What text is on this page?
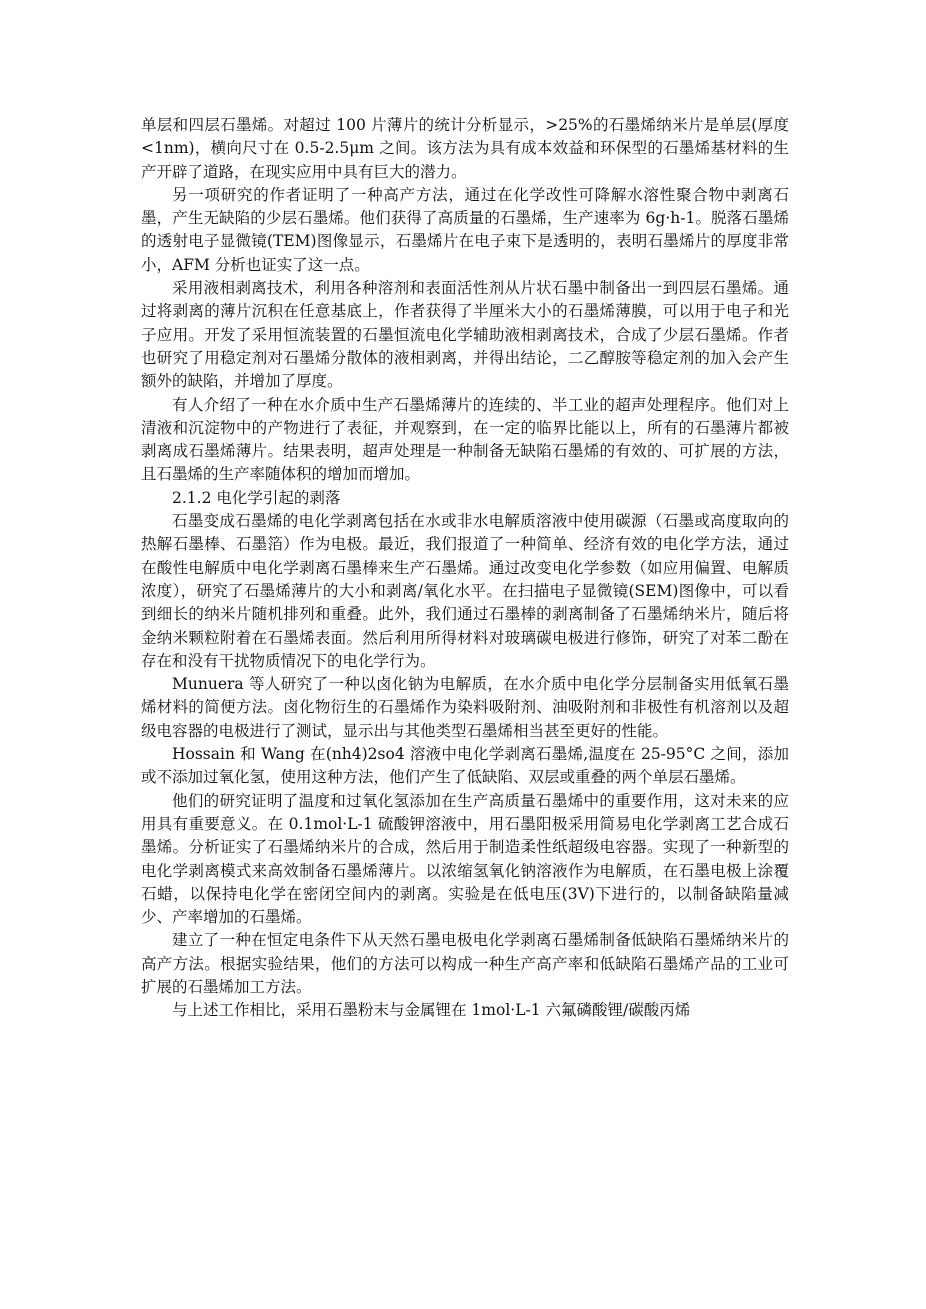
单层和四层石墨烯。对超过 100 片薄片的统计分析显示，>25%的石墨烯纳米片是单层(厚度<1nm)，横向尺寸在 0.5-2.5μm 之间。该方法为具有成本效益和环保型的石墨烯基材料的生产开辟了道路，在现实应用中具有巨大的潜力。

另一项研究的作者证明了一种高产方法，通过在化学改性可降解水溶性聚合物中剥离石墨，产生无缺陷的少层石墨烯。他们获得了高质量的石墨烯，生产速率为 6g·h-1。脱落石墨烯的透射电子显微镜(TEM)图像显示，石墨烯片在电子束下是透明的，表明石墨烯片的厚度非常小，AFM 分析也证实了这一点。

采用液相剥离技术，利用各种溶剂和表面活性剂从片状石墨中制备出一到四层石墨烯。通过将剥离的薄片沉积在任意基底上，作者获得了半厘米大小的石墨烯薄膜，可以用于电子和光子应用。开发了采用恒流装置的石墨恒流电化学辅助液相剥离技术，合成了少层石墨烯。作者也研究了用稳定剂对石墨烯分散体的液相剥离，并得出结论，二乙醇胺等稳定剂的加入会产生额外的缺陷，并增加了厚度。

有人介绍了一种在水介质中生产石墨烯薄片的连续的、半工业的超声处理程序。他们对上清液和沉淀物中的产物进行了表征，并观察到，在一定的临界比能以上，所有的石墨薄片都被剥离成石墨烯薄片。结果表明，超声处理是一种制备无缺陷石墨烯的有效的、可扩展的方法，且石墨烯的生产率随体积的增加而增加。

2.1.2 电化学引起的剥落

石墨变成石墨烯的电化学剥离包括在水或非水电解质溶液中使用碳源（石墨或高度取向的热解石墨棒、石墨箔）作为电极。最近，我们报道了一种简单、经济有效的电化学方法，通过在酸性电解质中电化学剥离石墨棒来生产石墨烯。通过改变电化学参数（如应用偏置、电解质浓度），研究了石墨烯薄片的大小和剥离/氧化水平。在扫描电子显微镜(SEM)图像中，可以看到细长的纳米片随机排列和重叠。此外，我们通过石墨棒的剥离制备了石墨烯纳米片，随后将金纳米颗粒附着在石墨烯表面。然后利用所得材料对玻璃碳电极进行修饰，研究了对苯二酚在存在和没有干扰物质情况下的电化学行为。

Munuera 等人研究了一种以卤化钠为电解质，在水介质中电化学分层制备实用低氧石墨烯材料的简便方法。卤化物衍生的石墨烯作为染料吸附剂、油吸附剂和非极性有机溶剂以及超级电容器的电极进行了测试，显示出与其他类型石墨烯相当甚至更好的性能。

Hossain 和 Wang 在(nh4)2so4 溶液中电化学剥离石墨烯,温度在 25-95°C 之间，添加或不添加过氧化氢，使用这种方法，他们产生了低缺陷、双层或重叠的两个单层石墨烯。

他们的研究证明了温度和过氧化氢添加在生产高质量石墨烯中的重要作用，这对未来的应用具有重要意义。在 0.1mol·L-1 硫酸钾溶液中，用石墨阳极采用简易电化学剥离工艺合成石墨烯。分析证实了石墨烯纳米片的合成，然后用于制造柔性纸超级电容器。实现了一种新型的电化学剥离模式来高效制备石墨烯薄片。以浓缩氢氧化钠溶液作为电解质，在石墨电极上涂覆石蜡，以保持电化学在密闭空间内的剥离。实验是在低电压(3V)下进行的，以制备缺陷量减少、产率增加的石墨烯。

建立了一种在恒定电条件下从天然石墨电极电化学剥离石墨烯制备低缺陷石墨烯纳米片的高产方法。根据实验结果，他们的方法可以构成一种生产高产率和低缺陷石墨烯产品的工业可扩展的石墨烯加工方法。

与上述工作相比，采用石墨粉末与金属锂在 1mol·L-1 六氟磷酸锂/碳酸丙烯
